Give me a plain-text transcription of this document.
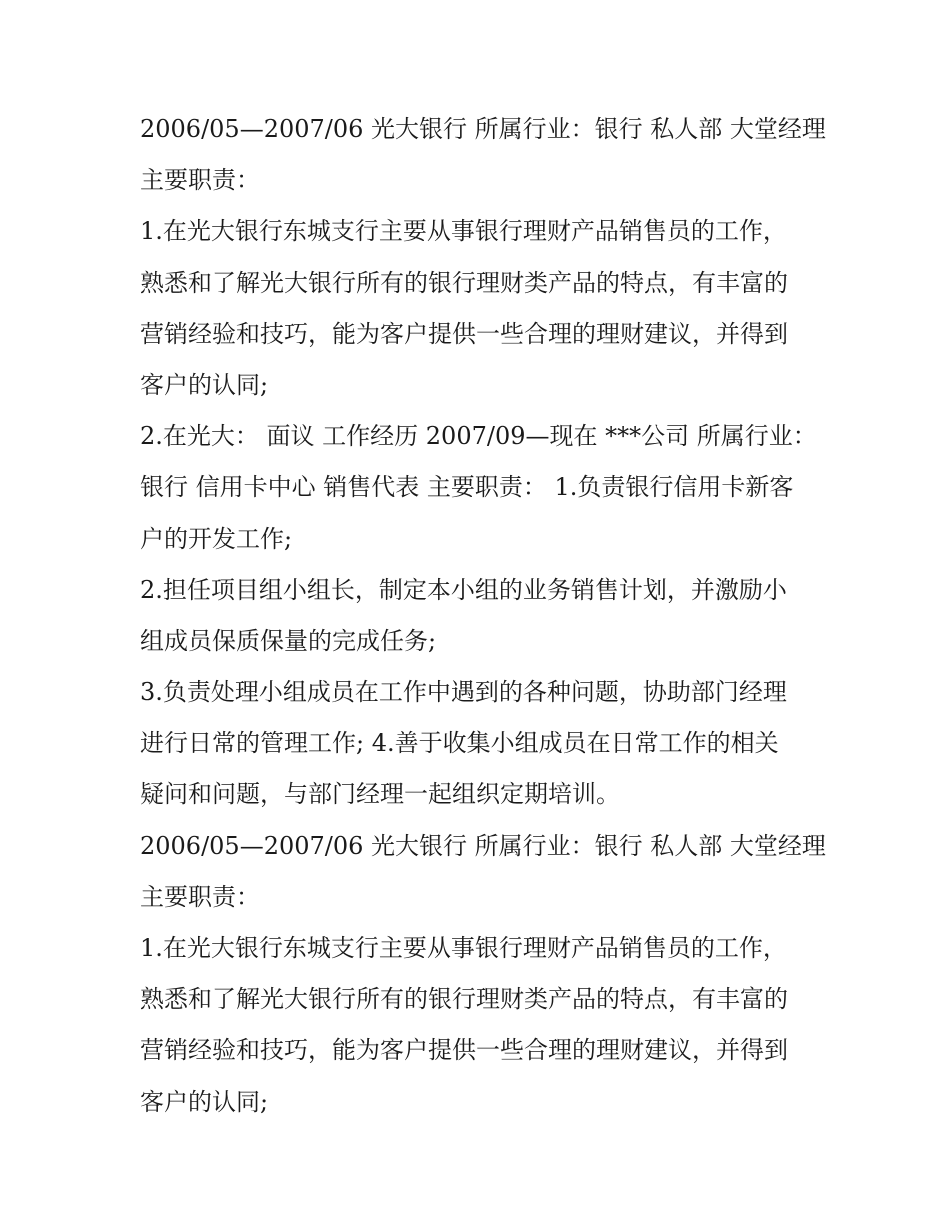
2006/05—2007/06 光大银行 所属行业：银行 私人部 大堂经理
主要职责：
1.在光大银行东城支行主要从事银行理财产品销售员的工作，
熟悉和了解光大银行所有的银行理财类产品的特点，有丰富的
营销经验和技巧，能为客户提供一些合理的理财建议，并得到
客户的认同;
2.在光大： 面议 工作经历 2007/09—现在 ***公司 所属行业：
银行 信用卡中心 销售代表 主要职责： 1.负责银行信用卡新客
户的开发工作;
2.担任项目组小组长，制定本小组的业务销售计划，并激励小
组成员保质保量的完成任务;
3.负责处理小组成员在工作中遇到的各种问题，协助部门经理
进行日常的管理工作; 4.善于收集小组成员在日常工作的相关
疑问和问题，与部门经理一起组织定期培训。
2006/05—2007/06 光大银行 所属行业：银行 私人部 大堂经理
主要职责：
1.在光大银行东城支行主要从事银行理财产品销售员的工作，
熟悉和了解光大银行所有的银行理财类产品的特点，有丰富的
营销经验和技巧，能为客户提供一些合理的理财建议，并得到
客户的认同;
